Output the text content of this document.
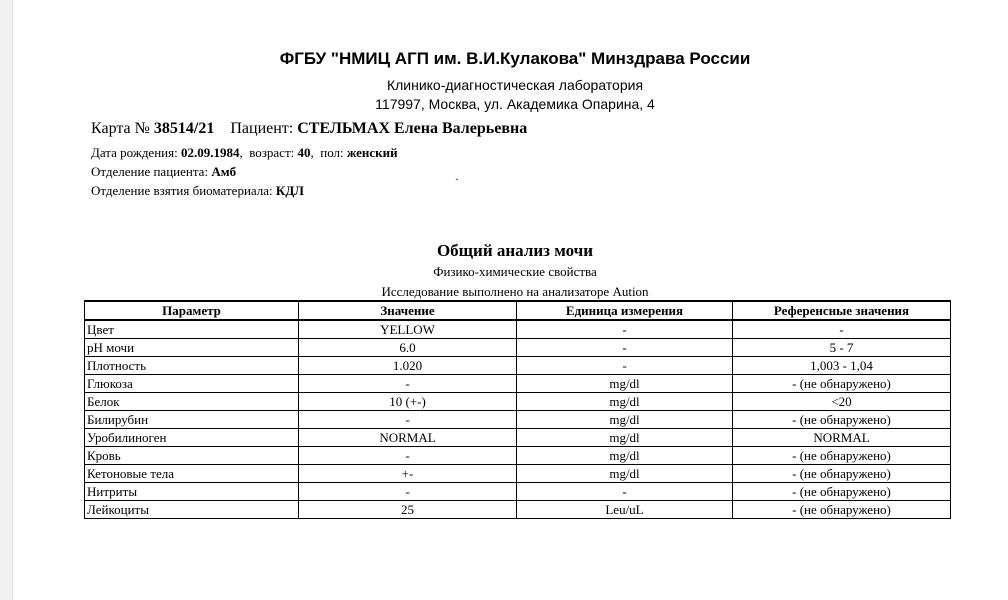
ФГБУ "НМИЦ АГП им. В.И.Кулакова" Минздрава России
Клинико-диагностическая лаборатория
117997, Москва, ул. Академика Опарина, 4
Карта № 38514/21 Пациент: СТЕЛЬМАХ Елена Валерьевна
Дата рождения: 02.09.1984,  возраст: 40,  пол: женский
Отделение пациента: Амб
Отделение взятия биоматериала: КДЛ	`
Общий анализ мочи
Физико-химические свойства
Исследование выполнено на анализаторе Aution
Параметр	Значение	Единица измерения	Референсные значения
Цвет	YELLOW	-	-
pH мочи	6.0	-	5 - 7
Плотность	1.020	-	1,003 - 1,04
Глюкоза	-	mg/dl	- (не обнаружено)
Белок	10 (+-)	mg/dl	<20
Билирубин	-	mg/dl	- (не обнаружено)
Уробилиноген	NORMAL	mg/dl	NORMAL
Кровь	-	mg/dl	- (не обнаружено)
Кетоновые тела	+-	mg/dl	- (не обнаружено)
Нитриты	-	-	- (не обнаружено)
Лейкоциты	25	Leu/uL	- (не обнаружено)
